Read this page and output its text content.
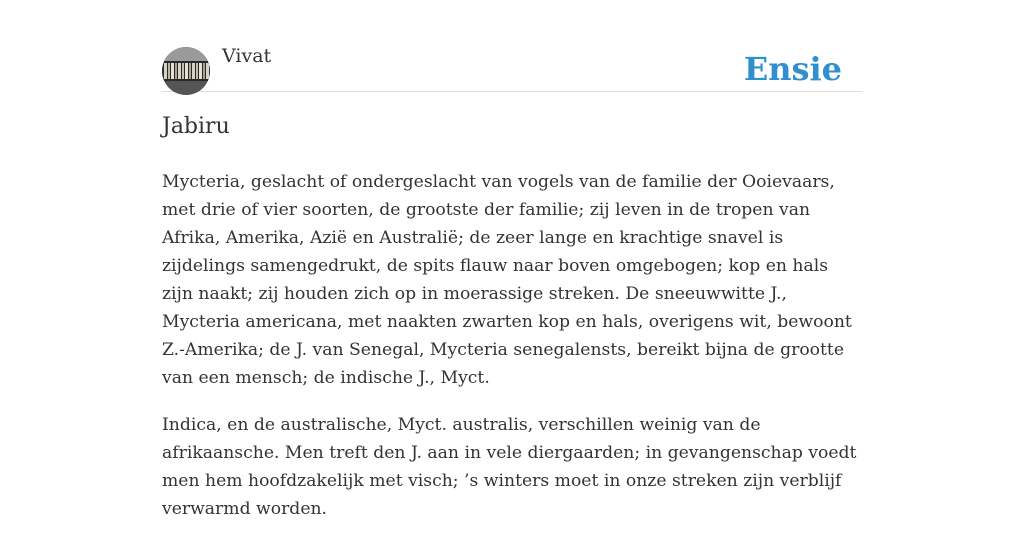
Vivat	Ensie
Jabiru

Mycteria, geslacht of ondergeslacht van vogels van de familie der Ooievaars, met drie of vier soorten, de grootste der familie; zij leven in de tropen van Afrika, Amerika, Azië en Australië; de zeer lange en krachtige snavel is zijdelings samengedrukt, de spits flauw naar boven omgebogen; kop en hals zijn naakt; zij houden zich op in moerassige streken. De sneeuwwitte J., Mycteria americana, met naakten zwarten kop en hals, overigens wit, bewoont Z.-Amerika; de J. van Senegal, Mycteria senegalensts, bereikt bijna de grootte van een mensch; de indische J., Myct.

Indica, en de australische, Myct. australis, verschillen weinig van de afrikaansche. Men treft den J. aan in vele diergaarden; in gevangenschap voedt men hem hoofdzakelijk met visch; ’s winters moet in onze streken zijn verblijf verwarmd worden.
